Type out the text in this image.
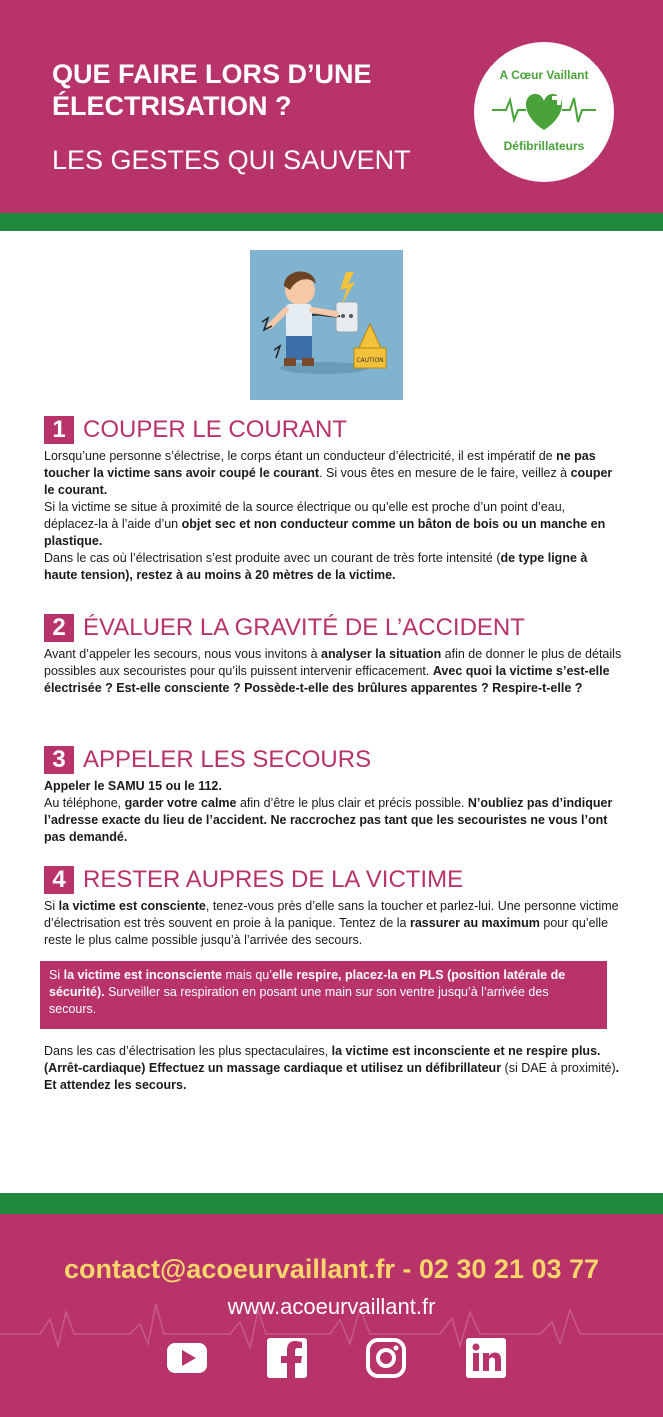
QUE FAIRE LORS D’UNE ÉLECTRISATION ?
LES GESTES QUI SAUVENT
A Cœur Vaillant
Défibrillateurs
CAUTION
1 COUPER LE COURANT

Lorsqu’une personne s’électrise, le corps étant un conducteur d’électricité, il est impératif de ne pas toucher la victime sans avoir coupé le courant. Si vous êtes en mesure de le faire, veillez à couper le courant.

Si la victime se situe à proximité de la source électrique ou qu’elle est proche d’un point d’eau, déplacez-la à l’aide d’un objet sec et non conducteur comme un bâton de bois ou un manche en plastique.

Dans le cas où l’électrisation s’est produite avec un courant de très forte intensité (de type ligne à haute tension), restez à au moins à 20 mètres de la victime.

2 ÉVALUER LA GRAVITÉ DE L’ACCIDENT

Avant d’appeler les secours, nous vous invitons à analyser la situation afin de donner le plus de détails possibles aux secouristes pour qu’ils puissent intervenir efficacement. Avec quoi la victime s’est-elle électrisée ? Est-elle consciente ? Possède-t-elle des brûlures apparentes ? Respire-t-elle ?

3 APPELER LES SECOURS

Appeler le SAMU 15 ou le 112.

Au téléphone, garder votre calme afin d’être le plus clair et précis possible. N’oubliez pas d’indiquer l’adresse exacte du lieu de l’accident. Ne raccrochez pas tant que les secouristes ne vous l’ont pas demandé.

4 RESTER AUPRES DE LA VICTIME

Si la victime est consciente, tenez-vous près d’elle sans la toucher et parlez-lui. Une personne victime d’électrisation est très souvent en proie à la panique. Tentez de la rassurer au maximum pour qu’elle reste le plus calme possible jusqu’à l’arrivée des secours.

Si la victime est inconsciente mais qu’elle respire, placez-la en PLS (position latérale de sécurité). Surveiller sa respiration en posant une main sur son ventre jusqu’à l’arrivée des secours.
Dans les cas d’électrisation les plus spectaculaires, la victime est inconsciente et ne respire plus. (Arrêt-cardiaque) Effectuez un massage cardiaque et utilisez un défibrillateur (si DAE à proximité). Et attendez les secours.
contact@acoeurvaillant.fr - 02 30 21 03 77
www.acoeurvaillant.fr
